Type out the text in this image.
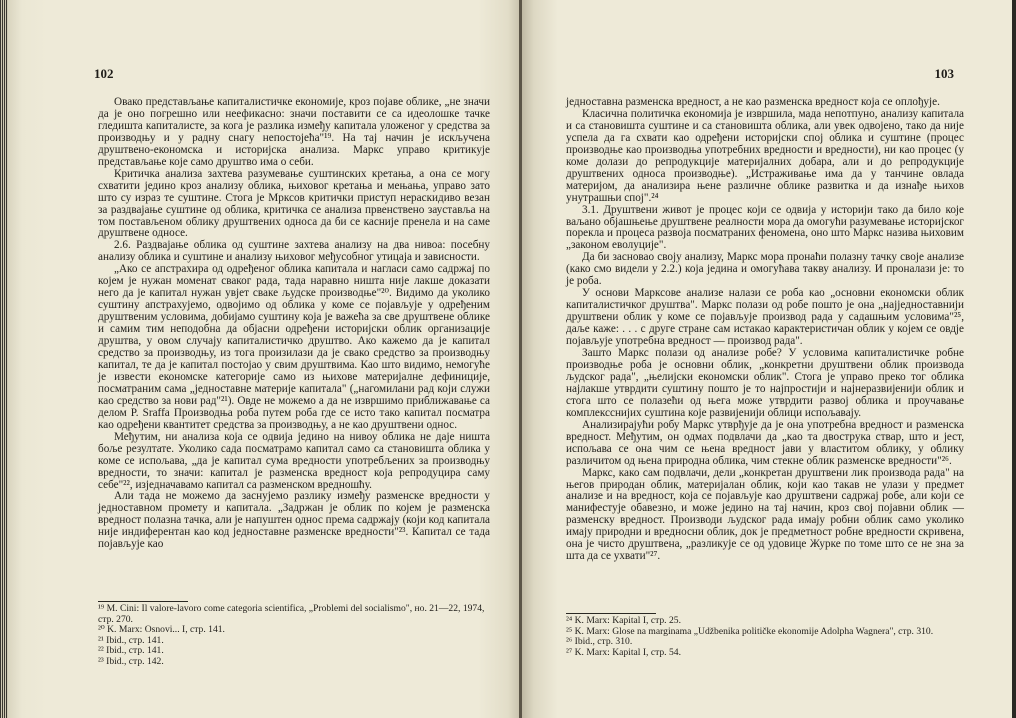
102

Овако представљање капиталистичке економије, кроз појаве облике, „не значи да је оно погрешно или неефикасно: значи поставити се са идеолошке тачке гледишта капиталисте, за кога је разлика између капитала уложеног у средства за производњу и у радну снагу непостојећа"¹⁹. На тај начин је искључена друштвено-економска и историјска анализа. Маркс управо критикује представљање које само друштво има о себи.

Критичка анализа захтева разумевање суштинских кретања, а она се могу схватити једино кроз анализу облика, њиховог кретања и мењања, управо зато што су израз те суштине. Стога је Мрксов критички приступ нераскидиво везан за раздвајање суштине од облика, критичка се анализа првенствено зауставља на том постављеном облику друштвених односа да би се касније пренела и на саме друштвене односе.

2.6. Раздвајање облика од суштине захтева анализу на два нивоа: посебну анализу облика и суштине и анализу њиховог међусобног утицаја и зависности.

„Ако се апстрахира од одређеног облика капитала и нагласи само садржај по којем је нужан моменат сваког рада, тада наравно ништа није лакше доказати него да је капитал нужан увјет сваке људске производње"²⁰. Видимо да уколико суштину апстрахујемо, одвојимо од облика у коме се појављује у одређеним друштвеним условима, добијамо суштину која је важећа за све друштвене облике и самим тим неподобна да објасни одређени историјски облик организације друштва, у овом случају капиталистичко друштво. Ако кажемо да је капитал средство за производњу, из тога произилази да је свако средство за производњу капитал, те да је капитал постојао у свим друштвима. Као што видимо, немогуће је извести економске категорије само из њихове материјалне дефиниције, посматраним сама „једноставне материје капитала" („нагомилани рад који служи као средство за нови рад"²¹). Овде не можемо а да не извршимо приближавање са делом P. Sraffa Производња роба путем роба где се исто тако капитал посматра као одређени квантитет средства за производњу, а не као друштвени однос.

Међутим, ни анализа која се одвија једино на нивоу облика не даје ништа боље резултате. Уколико сада посматрамо капитал само са становишта облика у коме се испољава, „да је капитал сума вредности употребљених за производњу вредности, то значи: капитал је разменска вредност која репродуцира саму себе"²², изједначавамо капитал са разменском вредношћу.

Али тада не можемо да заснујемо разлику између разменске вредности у једноставном промету и капитала. „Задржан је облик по којем је разменска вредност полазна тачка, али је напуштен однос према садржају (који код капитала није индиферентан као код једноставне разменске вредности"²³. Капитал се тада појављује као

¹⁹ M. Cini: Il valore-lavoro come categoria scientifica, „Problemi del socialismo", но. 21—22, 1974, стр. 270.
²⁰ K. Marx: Osnovi... I, стр. 141.
²¹ Ibid., стр. 141.
²² Ibid., стр. 141.
²³ Ibid., стр. 142.
103

једноставна разменска вредност, а не као разменска вредност која се оплођује.

Класична политичка економија је извршила, мада непотпуно, анализу капитала и са становишта суштине и са становишта облика, али увек одвојено, тако да није успела да га схвати као одређени историјски спој облика и суштине (процес производње као производња употребних вредности и вредности), ни као процес (у коме долази до репродукције материјалних добара, али и до репродукције друштвених односа производње). „Истраживање има да у танчине овлада материјом, да анализира њене различне облике развитка и да изнађе њихов унутрашњи спој".²⁴

3.1. Друштвени живот је процес који се одвија у историји тако да било које ваљано објашњење друштвене реалности мора да омогући разумевање историјског порекла и процеса развоја посматраних феномена, оно што Маркс назива њиховим „законом еволуције".

Да би засновао своју анализу, Маркс мора пронаћи полазну тачку своје анализе (како смо видели у 2.2.) која једина и омогућава такву анализу. И проналази је: то је роба.

У основи Марксове анализе налази се роба као „основни економски облик капиталистичког друштва". Маркс полази од робе пошто је она „најједноставнији друштвени облик у коме се појављује производ рада у садашњим условима"²⁵, даље каже: . . . с друге стране сам истакао карактеристичан облик у којем се овдје појављује употребна вредност — производ рада".

Зашто Маркс полази од анализе робе? У условима капиталистичке робне производње роба је основни облик, „конкретни друштвени облик производа људског рада", „њелијски економски облик". Стога је управо преко тог облика најлакше утврдити суштину пошто је то најпростији и најнеразвијенији облик и стога што се полазећи од њега може утврдити развој облика и проучавање комплексснијих суштина које развијенији облици испољавају.

Анализирајући робу Маркс утврђује да је она употребна вредност и разменска вредност. Међутим, он одмах подвлачи да „као та двострука ствар, што и јест, испољава се она чим се њена вредност јави у властитом облику, у облику различитом од њена природна облика, чим стекне облик разменске вредности"²⁶.

Маркс, како сам подвлачи, дели „конкретан друштвени лик производа рада" на његов природан облик, материјалан облик, који као такав не улази у предмет анализе и на вредност, која се појављује као друштвени садржај робе, али који се манифестује обавезно, и може једино на тај начин, кроз свој појавни облик — разменску вредност. Производи људског рада имају робни облик само уколико имају природни и вредносни облик, док је предметност робне вредности скривена, она је чисто друштвена, „разликује се од удовице Журке по томе што се не зна за шта да се ухвати"²⁷.

²⁴ K. Marx: Kapital I, стр. 25.
²⁵ K. Marx: Glose na marginama „Udžbenika političke ekonomije Adolpha Wagnera", стр. 310.
²⁶ Ibid., стр. 310.
²⁷ K. Marx: Kapital I, стр. 54.
